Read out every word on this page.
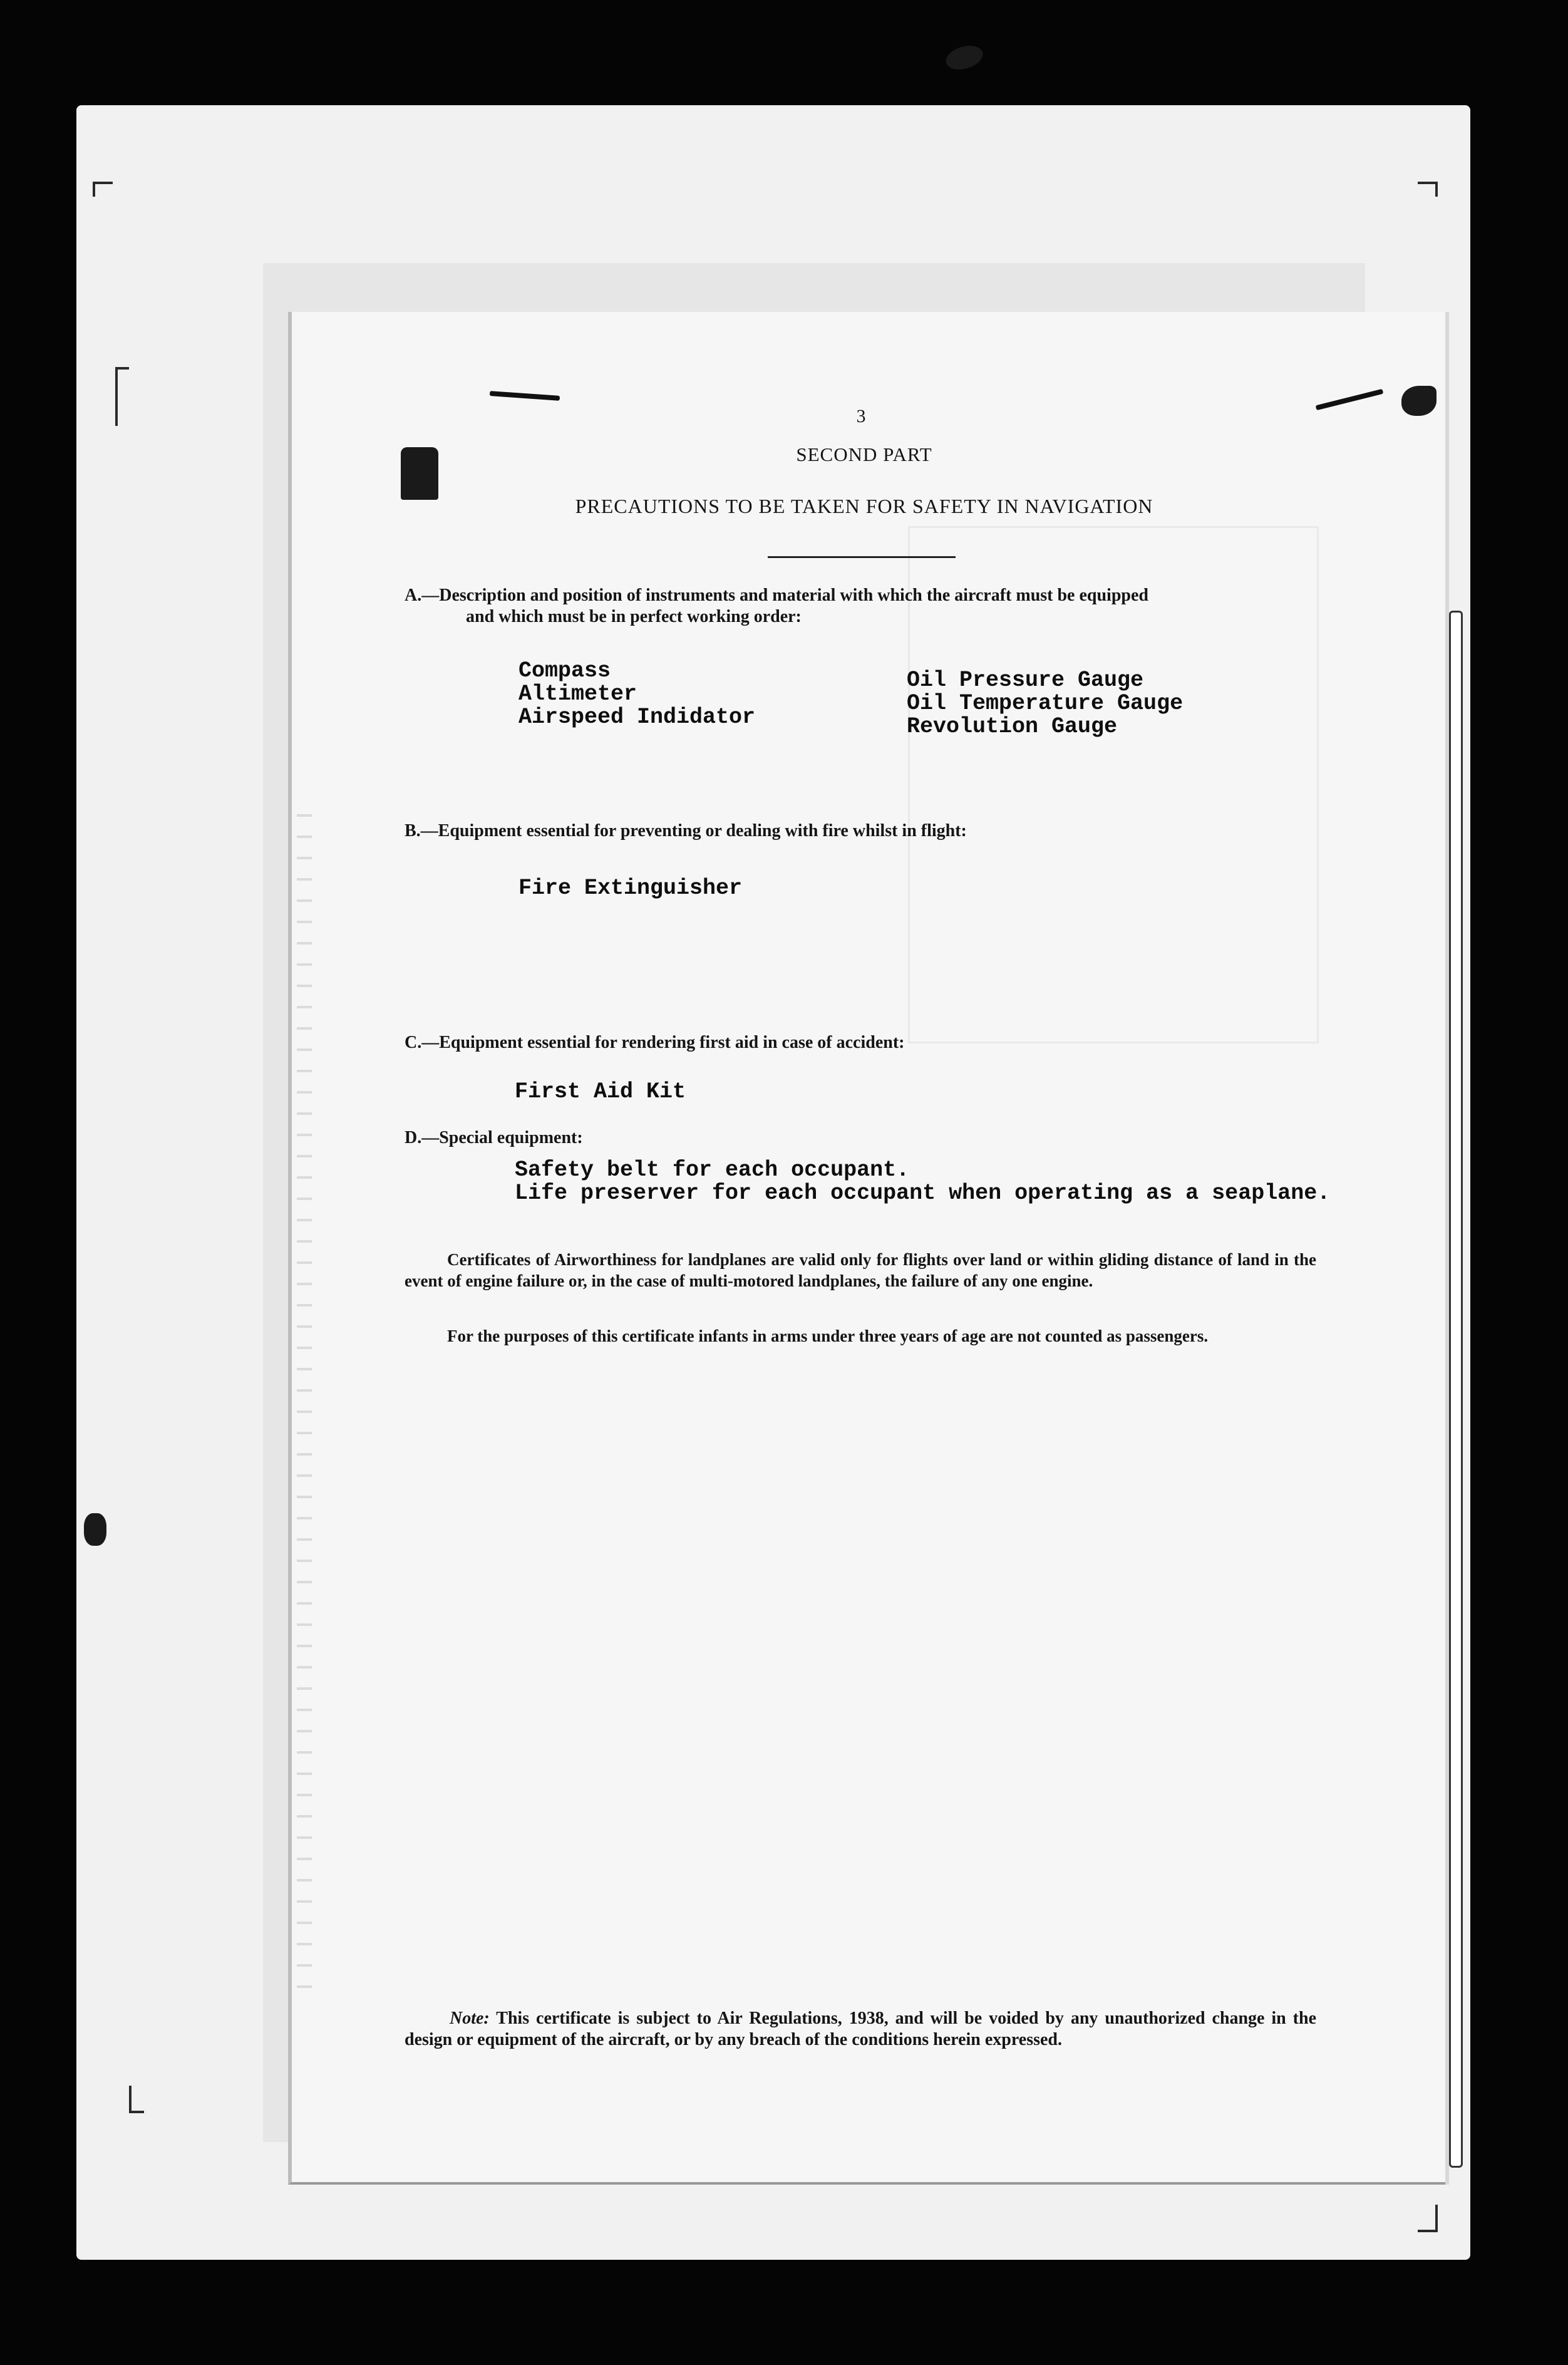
3
SECOND PART
PRECAUTIONS TO BE TAKEN FOR SAFETY IN NAVIGATION
A.—Description and position of instruments and material with which the aircraft must be equipped
and which must be in perfect working order:
Compass
Altimeter
Airspeed Indidator
Oil Pressure Gauge
Oil Temperature Gauge
Revolution Gauge
B.—Equipment essential for preventing or dealing with fire whilst in flight:
Fire Extinguisher
C.—Equipment essential for rendering first aid in case of accident:
First Aid Kit
D.—Special equipment:
Safety belt for each occupant.
Life preserver for each occupant when operating as a seaplane.
Certificates of Airworthiness for landplanes are valid only for flights over land or within gliding distance of land in the event of engine failure or, in the case of multi-motored landplanes, the failure of any one engine.
For the purposes of this certificate infants in arms under three years of age are not counted as passengers.
Note: This certificate is subject to Air Regulations, 1938, and will be voided by any unauthorized change in the design or equipment of the aircraft, or by any breach of the conditions herein expressed.
